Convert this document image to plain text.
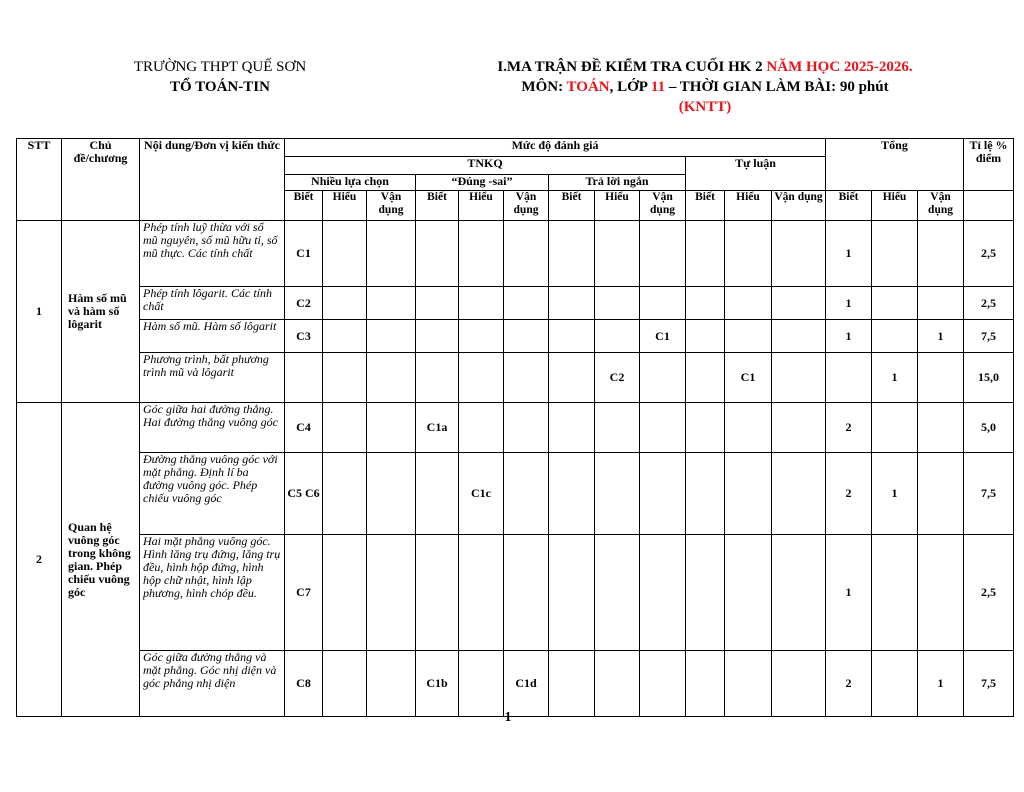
TRƯỜNG THPT QUẾ SƠN
TỔ TOÁN-TIN
I.MA TRẬN ĐỀ KIỂM TRA CUỐI HK 2 NĂM HỌC 2025-2026.
MÔN: TOÁN, LỚP 11 – THỜI GIAN LÀM BÀI: 90 phút
(KNTT)
STT	Chủ đề/chương	Nội dung/Đơn vị kiến thức	Mức độ đánh giá												Tổng			Tỉ lệ % điểm
			TNKQ									Tự luận						
			Nhiều lựa chọn			“Đúng -sai”			Trả lời ngắn									
			Biết	Hiểu	Vận dụng	Biết	Hiểu	Vận dụng	Biết	Hiểu	Vận dụng	Biết	Hiểu	Vận dụng	Biết	Hiểu	Vận dụng	
1	Hàm số mũ và hàm số lôgarit	Phép tính luỹ thừa với số mũ nguyên, số mũ hữu tỉ, số mũ thực. Các tính chất	C1												1			2,5
		Phép tính lôgarit. Các tính chất	C2												1			2,5
		Hàm số mũ. Hàm số lôgarit	C3								C1				1		1	7,5
		Phương trình, bất phương trình mũ và lôgarit								C2			C1			1		15,0
2	Quan hệ vuông góc trong không gian. Phép chiếu vuông góc	Góc giữa hai đường thẳng. Hai đường thẳng vuông góc	C4			C1a									2			5,0
		Đường thẳng vuông góc với mặt phẳng. Định lí ba đường vuông góc. Phép chiếu vuông góc	C5 C6				C1c								2	1		7,5
		Hai mặt phẳng vuông góc. Hình lăng trụ đứng, lăng trụ đều, hình hộp đứng, hình hộp chữ nhật, hình lập phương, hình chóp đều.	C7												1			2,5
		Góc giữa đường thẳng và mặt phẳng. Góc nhị diện và góc phẳng nhị diện	C8			C1b		C1d							2		1	7,5
1
